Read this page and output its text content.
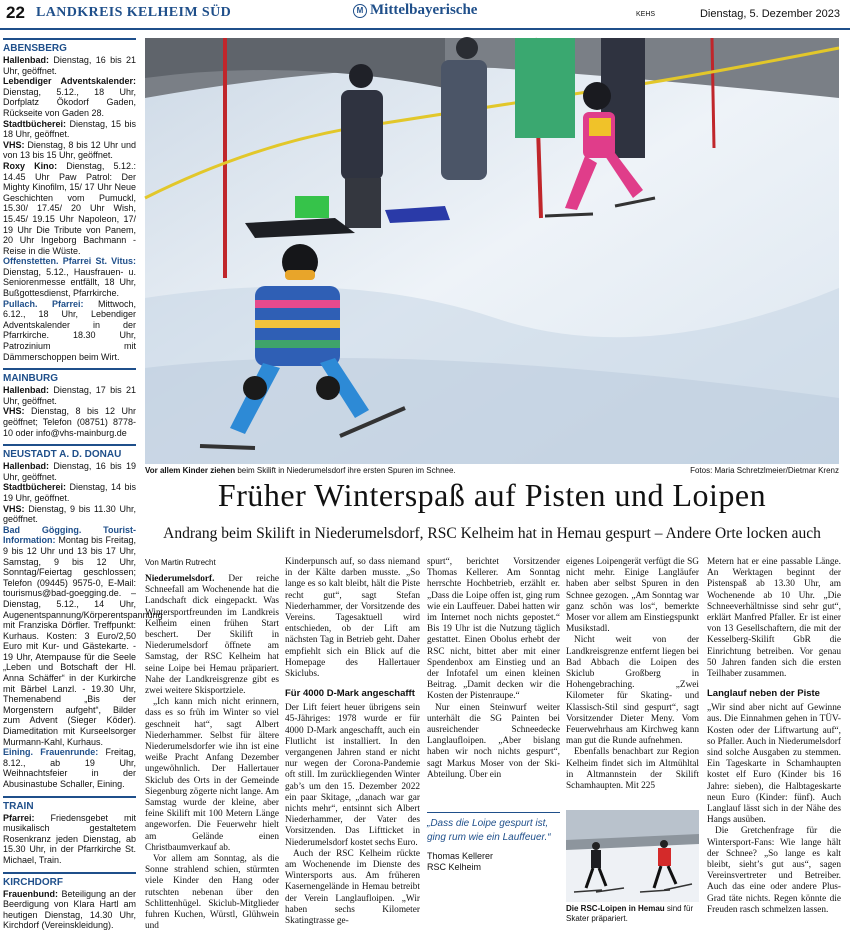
22 LANDKREIS KELHEIM SÜD	M Mittelbayerische	KEHS	Dienstag, 5. Dezember 2023
ABENSBERG
Hallenbad: Dienstag, 16 bis 21 Uhr, geöffnet.
Lebendiger Adventskalender: Dienstag, 5.12., 18 Uhr, Dorfplatz Ökodorf Gaden, Rückseite von Gaden 28.
Stadtbücherei: Dienstag, 15 bis 18 Uhr, geöffnet.
VHS: Dienstag, 8 bis 12 Uhr und von 13 bis 15 Uhr, geöffnet.
Roxy Kino: Dienstag, 5.12.: 14.45 Uhr Paw Patrol: Der Mighty Kinofilm, 15/ 17 Uhr Neue Geschichten vom Pumuckl, 15.30/ 17.45/ 20 Uhr Wish, 15.45/ 19.15 Uhr Napoleon, 17/ 19 Uhr Die Tribute von Panem, 20 Uhr Ingeborg Bachmann - Reise in die Wüste.
Offenstetten. Pfarrei St. Vitus: Dienstag, 5.12., Hausfrauen- u. Seniorenmesse entfällt, 18 Uhr, Bußgottesdienst, Pfarrkirche.
Pullach. Pfarrei: Mittwoch, 6.12., 18 Uhr, Lebendiger Adventskalender in der Pfarrkirche. 18.30 Uhr, Patrozinium mit Dämmerschoppen beim Wirt.
MAINBURG
Hallenbad: Dienstag, 17 bis 21 Uhr, geöffnet.
VHS: Dienstag, 8 bis 12 Uhr geöffnet; Telefon (08751) 8778-10 oder info@vhs-mainburg.de
NEUSTADT A. D. DONAU
Hallenbad: Dienstag, 16 bis 19 Uhr, geöffnet.
Stadtbücherei: Dienstag, 14 bis 19 Uhr, geöffnet.
VHS: Dienstag, 9 bis 11.30 Uhr, geöffnet.
Bad Gögging. Tourist-Information: Montag bis Freitag, 9 bis 12 Uhr und 13 bis 17 Uhr, Samstag, 9 bis 12 Uhr, Sonntag/Feiertag geschlossen; Telefon (09445) 9575-0, E-Mail: tourismus@bad-goegging.de. – Dienstag, 5.12., 14 Uhr, Augenentspannung/Körperentspannung mit Franziska Dörfler. Treffpunkt: Kurhaus. Kosten: 3 Euro/2,50 Euro mit Kur- und Gästekarte. - 19 Uhr, Atempause für die Seele „Leben und Botschaft der Hl. Anna Schäffer“ in der Kurkirche mit Bärbel Lanzl. - 19.30 Uhr, Themenabend „Bis der Morgenstern aufgeht“, Bilder zum Advent (Sieger Köder). Diameditation mit Kurseelsorger Murmann-Kahl, Kurhaus.
Eining. Frauenrunde: Freitag, 8.12., ab 19 Uhr, Weihnachtsfeier in der Abusinastube Schaller, Eining.
TRAIN
Pfarrei: Friedensgebet mit musikalisch gestaltetem Rosenkranz jeden Dienstag, ab 15.30 Uhr, in der Pfarrkirche St. Michael, Train.
KIRCHDORF
Frauenbund: Beteiligung an der Beerdigung von Klara Hartl am heutigen Dienstag, 14.30 Uhr, Kirchdorf (Vereinskleidung).
Vor allem Kinder ziehen beim Skilift in Niederumelsdorf ihre ersten Spuren im Schnee.	Fotos: Maria Schretzlmeier/Dietmar Krenz
Früher Winterspaß auf Pisten und Loipen
Andrang beim Skilift in Niederumelsdorf, RSC Kelheim hat in Hemau gespurt – Andere Orte locken auch
Von Martin Rutrecht

Niederumelsdorf. Der reiche Schneefall am Wochenende hat die Landschaft dick eingepackt. Was Wintersportfreunden im Landkreis Kelheim einen frühen Start beschert. Der Skilift in Niederumelsdorf öffnete am Samstag, der RSC Kelheim hat seine Loipe bei Hemau präpariert. Nahe der Landkreisgrenze gibt es zwei weitere Skisportziele.

„Ich kann mich nicht erinnern, dass es so früh im Winter so viel geschneit hat“, sagt Albert Niederhammer. Selbst für ältere Niederumelsdorfer wie ihn ist eine weiße Pracht Anfang Dezember ungewöhnlich. Der Hallertauer Skiclub des Orts in der Gemeinde Siegenburg zögerte nicht lange. Am Samstag wurde der kleine, aber feine Skilift mit 100 Metern Länge angeworfen. Die Feuerwehr hielt am Gelände einen Christbaumverkauf ab.

Vor allem am Sonntag, als die Sonne strahlend schien, stürmten viele Kinder den Hang oder rutschten nebenan über den Schlittenhügel. Skiclub-Mitglieder fuhren Kuchen, Würstl, Glühwein und

Kinderpunsch auf, so dass niemand in der Kälte darben musste. „So lange es so kalt bleibt, hält die Piste recht gut“, sagt Stefan Niederhammer, der Vorsitzende des Vereins. Tagesaktuell wird entschieden, ob der Lift am nächsten Tag in Betrieb geht. Daher empfiehlt sich ein Blick auf die Homepage des Hallertauer Skiclubs.

Für 4000 D-Mark angeschafft

Der Lift feiert heuer übrigens sein 45-Jähriges: 1978 wurde er für 4000 D-Mark angeschafft, auch ein Flutlicht ist installiert. In den vergangenen Jahren stand er nicht nur wegen der Corona-Pandemie oft still. Im zurückliegenden Winter gab’s um den 15. Dezember 2022 ein paar Skitage, „danach war gar nichts mehr“, entsinnt sich Albert Niederhammer, der Vater des Vorsitzenden. Das Liftticket in Niederumelsdorf kostet sechs Euro.

Auch der RSC Kelheim rückte am Wochenende im Dienste des Wintersports aus. Am früheren Kasernengelände in Hemau betreibt der Verein Langlaufloipen. „Wir haben sechs Kilometer Skatingtrasse ge-

spurt“, berichtet Vorsitzender Thomas Kellerer. Am Sonntag herrschte Hochbetrieb, erzählt er. „Dass die Loipe offen ist, ging rum wie ein Lauffeuer. Dabei hatten wir im Internet noch nichts gepostet.“ Bis 19 Uhr ist die Nutzung täglich gestattet. Einen Obolus erhebt der RSC nicht, bittet aber mit einer Spendenbox am Einstieg und an der Infotafel um einen kleinen Beitrag. „Damit decken wir die Kosten der Pistenraupe.“

Nur einen Steinwurf weiter unterhält die SG Painten bei ausreichender Schneedecke Langlaufloipen. „Aber bislang haben wir noch nichts gespurt“, sagt Markus Moser von der Ski-Abteilung. Über ein

„Dass die Loipe gespurt ist, ging rum wie ein Lauffeuer.“
Thomas Kellerer
RSC Kelheim

eigenes Loipengerät verfügt die SG nicht mehr. Einige Langläufer haben aber selbst Spuren in den Schnee gezogen. „Am Sonntag war ganz schön was los“, bemerkte Moser vor allem am Einstiegspunkt Musikstadl.

Nicht weit von der Landkreisgrenze entfernt liegen bei Bad Abbach die Loipen des Skiclub Großberg in Hohengebraching. „Zwei Kilometer für Skating- und Klassisch-Stil sind gespurt“, sagt Vorsitzender Dieter Meny. Vom Feuerwehrhaus am Kirchweg kann man gut die Runde aufnehmen.

Ebenfalls benachbart zur Region Kelheim findet sich im Altmühltal in Altmannstein der Skilift Schamhaupten. Mit 225

Die RSC-Loipen in Hemau sind für Skater präpariert.

Metern hat er eine passable Länge. An Werktagen beginnt der Pistenspaß ab 13.30 Uhr, am Wochenende ab 10 Uhr. „Die Schneeverhältnisse sind sehr gut“, erklärt Manfred Pfaller. Er ist einer von 13 Gesellschaftern, die mit der Kesselberg-Skilift GbR die Einrichtung betreiben. Vor genau 50 Jahren fanden sich die ersten Teilhaber zusammen.

Langlauf neben der Piste

„Wir sind aber nicht auf Gewinne aus. Die Einnahmen gehen in TÜV-Kosten oder der Liftwartung auf“, so Pfaller. Auch in Niederumelsdorf sind solche Ausgaben zu stemmen. Ein Tageskarte in Schamhaupten kostet elf Euro (Kinder bis 16 Jahre: sieben), die Halbtageskarte neun Euro (Kinder: fünf). Auch Langlauf lässt sich in der Nähe des Hangs ausüben.

Die Gretchenfrage für die Wintersport-Fans: Wie lange hält der Schnee? „So lange es kalt bleibt, sieht’s gut aus“, sagen Vereinsvertreter und Betreiber. Auch das eine oder andere Plus-Grad täte nichts. Regen könnte die Freuden rasch schmelzen lassen.
